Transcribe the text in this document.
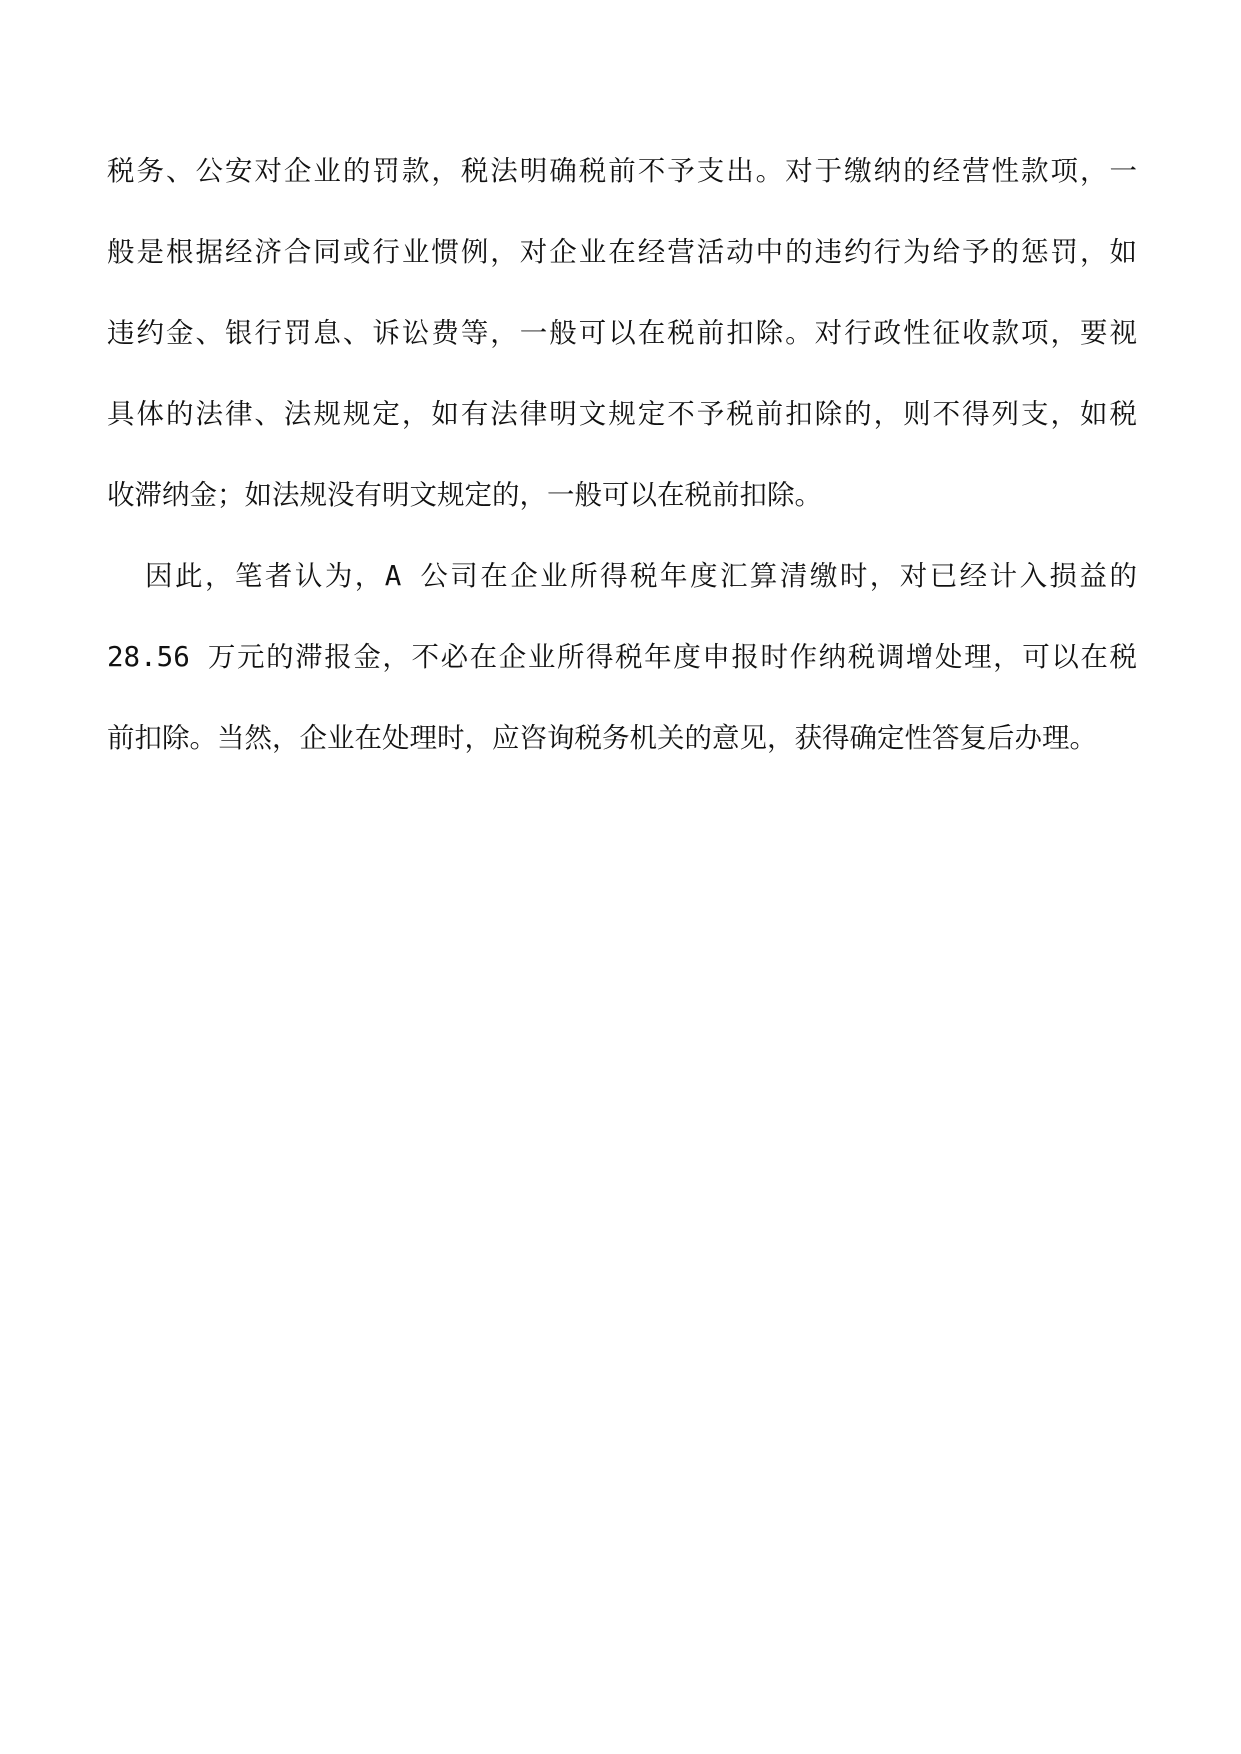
税务、公安对企业的罚款，税法明确税前不予支出。对于缴纳的经营性款项，一
般是根据经济合同或行业惯例，对企业在经营活动中的违约行为给予的惩罚，如
违约金、银行罚息、诉讼费等，一般可以在税前扣除。对行政性征收款项，要视
具体的法律、法规规定，如有法律明文规定不予税前扣除的，则不得列支，如税
收滞纳金；如法规没有明文规定的，一般可以在税前扣除。
因此，笔者认为，A 公司在企业所得税年度汇算清缴时，对已经计入损益的
28.56 万元的滞报金，不必在企业所得税年度申报时作纳税调增处理，可以在税
前扣除。当然，企业在处理时，应咨询税务机关的意见，获得确定性答复后办理。
